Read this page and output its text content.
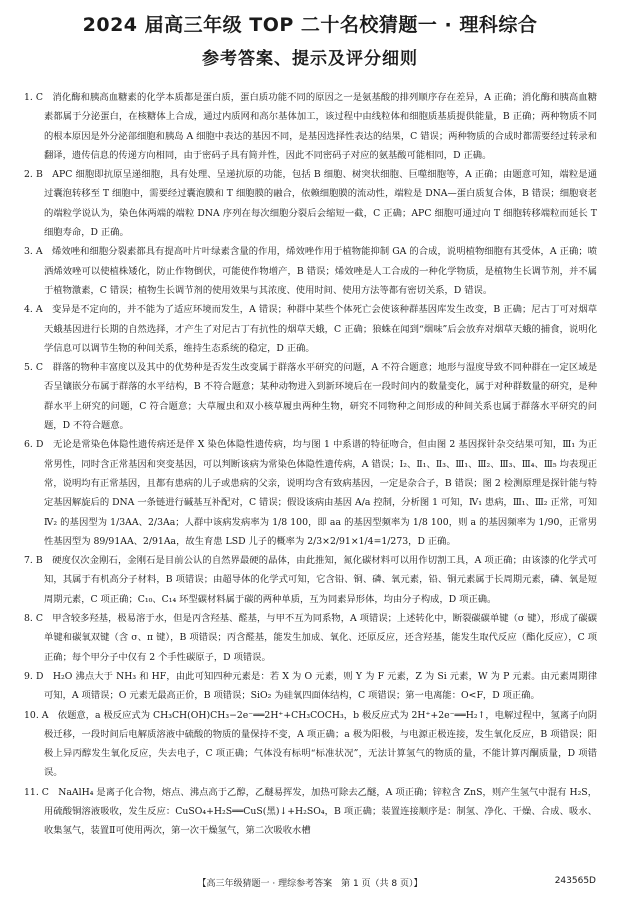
2024 届高三年级 TOP 二十名校猜题一 · 理科综合
参考答案、提示及评分细则

1. C　消化酶和胰高血糖素的化学本质都是蛋白质，蛋白质功能不同的原因之一是氨基酸的排列顺序存在差异，A 正确；消化酶和胰高血糖素都属于分泌蛋白，在核糖体上合成，通过内质网和高尔基体加工，该过程中由线粒体和细胞质基质提供能量，B 正确；两种物质不同的根本原因是外分泌部细胞和胰岛 A 细胞中表达的基因不同，是基因选择性表达的结果，C 错误；两种物质的合成时都需要经过转录和翻译，遗传信息的传递方向相同，由于密码子具有简并性，因此不同密码子对应的氨基酸可能相同，D 正确。

2. B　APC 细胞即抗原呈递细胞，具有处理、呈递抗原的功能，包括 B 细胞、树突状细胞、巨噬细胞等，A 正确；由题意可知，端粒是通过囊泡转移至 T 细胞中，需要经过囊泡膜和 T 细胞膜的融合，依赖细胞膜的流动性，端粒是 DNA—蛋白质复合体，B 错误；细胞衰老的端粒学说认为，染色体两端的端粒 DNA 序列在每次细胞分裂后会缩短一截，C 正确；APC 细胞可通过向 T 细胞转移端粒而延长 T 细胞寿命，D 正确。

3. A　烯效唑和细胞分裂素都具有提高叶片叶绿素含量的作用，烯效唑作用于植物能抑制 GA 的合成，说明植物细胞有其受体，A 正确；喷洒烯效唑可以使植株矮化，防止作物倒伏，可能使作物增产，B 错误；烯效唑是人工合成的一种化学物质，是植物生长调节剂，并不属于植物激素，C 错误；植物生长调节剂的使用效果与其浓度、使用时间、使用方法等都有密切关系，D 错误。

4. A　变异是不定向的，并不能为了适应环境而发生，A 错误；种群中某些个体死亡会使该种群基因库发生改变，B 正确；尼古丁可对烟草天蛾基因进行长期的自然选择，才产生了对尼古丁有抗性的烟草天蛾，C 正确；狼蛛在闻到“烟味”后会放弃对烟草天蛾的捕食，说明化学信息可以调节生物的种间关系，维持生态系统的稳定，D 正确。

5. C　群落的物种丰富度以及其中的优势种是否发生改变属于群落水平研究的问题，A 不符合题意；地形与湿度导致不同种群在一定区域是否呈镶嵌分布属于群落的水平结构，B 不符合题意；某种动物进入到新环境后在一段时间内的数量变化，属于对种群数量的研究，是种群水平上研究的问题，C 符合题意；大草履虫和双小核草履虫两种生物，研究不同物种之间形成的种间关系也属于群落水平研究的问题，D 不符合题意。

6. D　无论是常染色体隐性遗传病还是伴 X 染色体隐性遗传病，均与图 1 中系谱的特征吻合，但由图 2 基因探针杂交结果可知，Ⅲ₁ 为正常男性，同时含正常基因和突变基因，可以判断该病为常染色体隐性遗传病，A 错误；Ⅰ₂、Ⅱ₁、Ⅱ₃、Ⅲ₁、Ⅲ₂、Ⅲ₃、Ⅲ₄、Ⅲ₅ 均表现正常，说明均有正常基因，且都有患病的儿子或患病的父亲，说明均含有致病基因，一定是杂合子，B 错误；图 2 检测原理是探针能与特定基因解旋后的 DNA 一条链进行碱基互补配对，C 错误；假设该病由基因 A/a 控制，分析图 1 可知，Ⅳ₁ 患病，Ⅲ₁、Ⅲ₂ 正常，可知Ⅳ₂ 的基因型为 1/3AA、2/3Aa；人群中该病发病率为 1/8 100，即 aa 的基因型频率为 1/8 100，则 a 的基因频率为 1/90，正常男性基因型为 89/91AA、2/91Aa，故生育患 LSD 儿子的概率为 2/3×2/91×1/4=1/273，D 正确。

7. B　硬度仅次金刚石，金刚石是目前公认的自然界最硬的晶体，由此推知，氮化碳材料可以用作切割工具，A 项正确；由该漆的化学式可知，其属于有机高分子材料，B 项错误；由超导体的化学式可知，它含铅、铜、磷、氧元素，铅、铜元素属于长周期元素，磷、氧是短周期元素，C 项正确；C₁₀、C₁₄ 环型碳材料属于碳的两种单质，互为同素异形体，均由分子构成，D 项正确。

8. C　甲含较多羟基，极易溶于水，但是丙含羟基、醛基，与甲不互为同系物，A 项错误；上述转化中，断裂碳碳单键（σ 键），形成了碳碳单键和碳氧双键（含 σ、π 键），B 项错误；丙含醛基，能发生加成、氧化、还原反应，还含羟基，能发生取代反应（酯化反应），C 项正确；每个甲分子中仅有 2 个手性碳原子，D 项错误。

9. D　H₂O 沸点大于 NH₃ 和 HF，由此可知四种元素是：若 X 为 O 元素，则 Y 为 F 元素，Z 为 Si 元素，W 为 P 元素。由元素周期律可知，A 项错误；O 元素无最高正价，B 项错误；SiO₂ 为硅氧四面体结构，C 项错误；第一电离能：O<F，D 项正确。

10. A　依题意，a 极反应式为 CH₃CH(OH)CH₃−2e⁻══2H⁺+CH₃COCH₃，b 极反应式为 2H⁺+2e⁻══H₂↑，电解过程中，氢离子向阴极迁移，一段时间后电解质溶液中硫酸的物质的量保持不变，A 项正确；a 极为阳极，与电源正极连接，发生氧化反应，B 项错误；阳极上异丙醇发生氧化反应，失去电子，C 项正确；气体没有标明“标准状况”，无法计算氢气的物质的量，不能计算丙酮质量，D 项错误。

11. C　NaAlH₄ 是离子化合物，熔点、沸点高于乙醇，乙醚易挥发，加热可除去乙醚，A 项正确；锌粒含 ZnS，则产生氢气中混有 H₂S，用硫酸铜溶液吸收，发生反应：CuSO₄+H₂S══CuS(黑)↓+H₂SO₄，B 项正确；装置连接顺序是：制氢、净化、干燥、合成、吸水、收集氢气，装置Ⅱ可使用两次，第一次干燥氢气，第二次吸收水槽

【高三年级猜题一 · 理综参考答案　第 1 页（共 8 页）】	243565D
